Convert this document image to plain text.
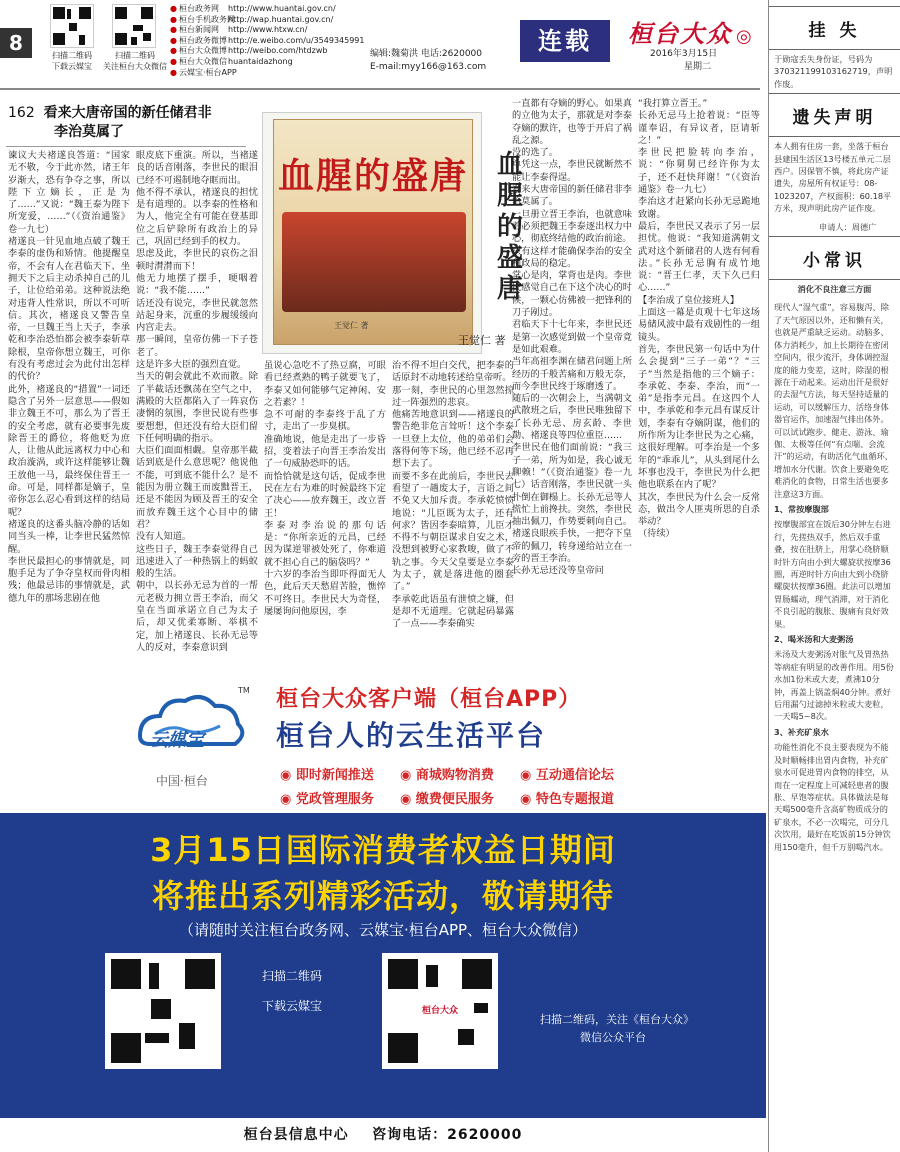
8
扫描二维码
下载云媒宝
扫描二维码
关注桓台大众微信
● 桓台政务网
● 桓台手机政务网
● 桓台新闻网
● 桓台政务微博
● 桓台大众微博
● 桓台大众微信
● 云媒宝·桓台APP
http://www.huantai.gov.cn/
http://wap.huantai.gov.cn/
http://www.htxw.cn/
http://e.weibo.com/u/3549345991
http://weibo.com/htdzwb
huantaidazhong
编辑:魏菊洪 电话:2620000
E-mail:myy166@163.com
连载	桓台大众 ◎
2016年3月15日
星期二
162 看来大唐帝国的新任储君非
李治莫属了
血腥的盛唐
王觉仁 著
血腥的盛唐
王觉仁 著
谏议大夫褚遂良答道：“国家无不敬，今于此亦然，诸王年岁渐大，恐有争夺之事，所以陛下立嫡长，正是为了……”又说：“魏王泰为陛下所宠爱，……”（《资治通鉴》卷一九七）
褚遂良一针见血地点破了魏王李泰的虚伪和矫情。他提醒皇帝，不会有人在君临天下、坐拥天下之后主动杀掉自己的儿子，让位给弟弟。这种说法绝对违背人性常识，所以不可听信。其次，褚遂良又警告皇帝，一旦魏王当上天子，李承乾和李治恐怕都会被李泰斩草除根，皇帝你想立魏王，可你有没有考虑过会为此付出怎样的代价？
此外，褚遂良的“措置”一词还隐含了另外一层意思——假如非立魏王不可，那么为了晋王的安全考虑，就有必要事先废除晋王的爵位，将他贬为庶人，让他从此远离权力中心和政治漩涡，或许这样能够让魏王放他一马，最终保住晋王一命。可是，同样都是嫡子，皇帝你怎么忍心看到这样的结局呢？
褚遂良的这番头脑冷静的话如同当头一棒，让李世民猛然惊醒。
李世民最担心的事情就是，同胞手足为了争夺皇权而骨肉相残；他最忌讳的事情就是，武德九年的那场悲剧在他
眼皮底下重演。所以，当褚遂良的话音刚落，李世民的眼泪已经不可遏制地夺眶而出。
他不得不承认，褚遂良的担忧是有道理的。以李泰的性格和为人，他完全有可能在登基即位之后铲除所有政治上的异己，巩固已经到手的权力。
思虑及此，李世民的哀伤之泪顿时潸潸而下！
他无力地摆了摆手，哽咽着说：“我不能……”
话还没有说完，李世民就忽然站起身来，沉重的步履缓缓向内宫走去。
那一瞬间，皇帝仿佛一下子苍老了。
这是许多大臣的强烈直觉。
当天的朝会就此不欢而散。除了半截话还飘荡在空气之中，满殿的大臣都陷入了一阵哀伤凄惘的氛围，李世民说有些事要想想，但还没有给大臣们留下任何明确的指示。
大臣们面面相觑。皇帝那半截话到底是什么意思呢？他说他不能，可到底不能什么？是不能因为册立魏王而废黜晋王，还是不能因为顾及晋王的安全而放弃魏王这个心目中的储君？
没有人知道。
这些日子，魏王李泰觉得自己迅速进入了一种热锅上的蚂蚁般的生活。
朝中，以长孙无忌为首的一帮元老极力拥立晋王李治，而父皇在当面承诺立自己为太子后，却又优柔寡断、举棋不定，加上褚遂良、长孙无忌等人的反对，李泰意识到
虽说心急吃不了热豆腐，可眼看已经煮熟的鸭子就要飞了，李泰又如何能够气定神闲、安之若素？！
急不可耐的李泰终于乱了方寸，走出了一步臭棋。
准确地说，他是走出了一步昏招，变着法子向晋王李治发出了一句威胁恐吓的话。
而恰恰就是这句话，促成李世民在左右为难的时候最终下定了决心——放弃魏王，改立晋王！
李泰对李治说的那句话是：“你所亲近的元昌，已经因为谋逆罪被处死了，你难道就不担心自己的脑袋吗？”
十六岁的李治当即吓得面无人色，此后天天愁眉苦脸，憔悴不可终日。李世民大为奇怪，屡屡询问他原因，李
治不得不坦白交代，把李泰的话原封不动地转述给皇帝听。
那一刻，李世民的心里忽然掠过一阵强烈的悲哀。
他痛苦地意识到——褚遂良的警告绝非危言耸听！这个李泰一旦登上太位，他的弟弟们会落得何等下场，他已经不忍再想下去了。
而要不多在此前后，李世民去看望了一趟废太子，言语之间不免又大加斥责。李承乾愤愤地说：“儿臣既为太子，还有何求？皆因李泰暗算，儿臣才不得不与朝臣谋求自安之术，没想到被野心家教唆，做了不轨之事。今天父皇要是立李泰为太子，就是落进他的圈套了。”
李承乾此语虽有泄愤之嫌，但是却不无道理。它就起码暴露了一点——李泰确实
一直都有夺嫡的野心。如果真的立他为太子，那就是对李泰夺嫡的默许，也等于开启了祸乱之源。
没的选了。
单凭这一点，李世民就断然不能让李泰得逞。
看来大唐帝国的新任储君非李治莫属了。
一旦册立晋王李治，也就意味着必须把魏王李泰逐出权力中心，彻底终结他的政治前途。
只有这样才能确保李治的安全和政局的稳定。
掌心是肉，掌背也是肉。李世民感觉自己在下这个决心的时候，一颗心仿佛被一把锋利的刀子剐过。
君临天下十七年来，李世民还是第一次感觉到做一个皇帝竟是如此艰难。
当年高祖李渊在储君问题上所经历的千般苦痛和万般无奈，而今李世民终于琢磨透了。
随后的一次朝会上，当满朝文武散班之后，李世民唯独留下了长孙无忌、房玄龄、李世勣、褚遂良等四位重臣……
李世民在他们面前说：“我三子一弟，所为如是，我心诚无聊赖！”（《资治通鉴》卷一九七）话音刚落，李世民就一头扑倒在御榻上。长孙无忌等人慌忙上前搀扶。突然，李世民抽出佩刀，作势要刺向自己。褚遂良眼疾手快，一把夺下皇帝的佩刀，转身递给站立在一旁的晋王李治。
长孙无忌还没等皇帝问
“我打算立晋王。”
长孙无忌马上抢着说：“臣等谨奉诏，有异议者，臣请斩之！”
李世民把脸转向李治，说：“你舅舅已经许你为太子，还不赶快拜谢！”（《资治通鉴》卷一九七）
李治这才赶紧向长孙无忌跪地致谢。
最后，李世民又表示了另一层担忧。他说：“我知道满朝文武对这个新储君的人选有何看法。”长孙无忌胸有成竹地说：“晋王仁孝，天下久已归心……”
【李治成了皇位接班人】
上面这一幕是贞观十七年这场易储风波中最有戏剧性的一组镜头。
首先，李世民第一句话中为什么会提到“三子一弟”？“三子”当然是指他的三个嫡子：李承乾、李泰、李治，而“一弟”是指李元昌。在这四个人中，李承乾和李元昌有谋反计划，李泰有夺嫡阴谋，他们的所作所为让李世民为之心痛，这很好理解。可李治是一个多年的“乖乖儿”，从头到尾什么坏事也没干，李世民为什么把他也联系在内了呢？
其次，李世民为什么会一反常态，做出令人匪夷所思的自杀举动？
（待续）
挂 失
于勋寇丢失身份证，号码为370321199103162719，声明作废。
遗失声明
本人拥有住房一套，坐落于桓台县建国生活区13号楼五单元二层西户。因保管不慎，将此房产证遗失，房屋所有权证号：08-1023207，产权面积：60.18平方米，现声明此房产证作废。
申请人：周德广
小常识
消化不良注意三方面
现代人“湿气重”，容易腹泻、除了天气原因以外，还和懒有关，也就是严重缺乏运动。动脑多、体力消耗少，加上长期待在密闭空间内，很少流汗，身体调控湿度的能力变差，这时，除湿的根源在于动起来。运动出汗是很好的去湿气方法，每天坚持适量的运动，可以缓解压力、活络身体器官运作，加速湿气排出体外。可以试试跑步、健走、游泳、瑜伽、太极等任何“有点喘、会流汗”的运动，有助活化气血循环、增加水分代谢。饮食上要避免吃难消化的食物，日常生活也要多注意这3方面。
1、常按摩腹部
按摩腹部宜在饭后30分钟左右进行，先搓热双手，然后双手重叠，按在肚脐上，用掌心绕脐顺时针方向由小到大螺旋状按摩36圈，再逆时针方向由大到小绕脐螺旋状按摩36圈。此法可以增加胃肠蠕动，理气消滞，对于消化不良引起的腹胀、腹痛有良好效果。
2、喝米汤和大麦粥汤
米汤及大麦粥汤对胀气及胃热热等病症有明显的改善作用。用5份水加1份米或大麦，煮沸10分钟，再盖上锅盖焖40分钟。煮好后用漏勺过滤掉米粒或大麦粒，一天喝5~8次。
3、补充矿泉水
功能性消化不良主要表现为不能及时顺畅排出胃内食物，补充矿泉水可促进胃内食物的排空，从而在一定程度上可减轻患者的腹胀、早饱等症状。具体做法是每天喝500毫升含高矿物质成分的矿泉水，不必一次喝完，可分几次饮用，最好在吃饭前15分钟饮用150毫升，但千万别喝汽水。
云媒宝
TM
中国·桓台
桓台大众客户端（桓台APP）
桓台人的云生活平台
◉ 即时新闻推送 ◉ 商城购物消费 ◉ 互动通信论坛
◉ 党政管理服务 ◉ 缴费便民服务 ◉ 特色专题报道
3月15日国际消费者权益日期间
将推出系列精彩活动，敬请期待
（请随时关注桓台政务网、云媒宝·桓台APP、桓台大众微信）
扫描二维码
下载云媒宝	桓台大众
扫描二维码，关注《桓台大众》
微信公众平台
桓台县信息中心 咨询电话：2620000
